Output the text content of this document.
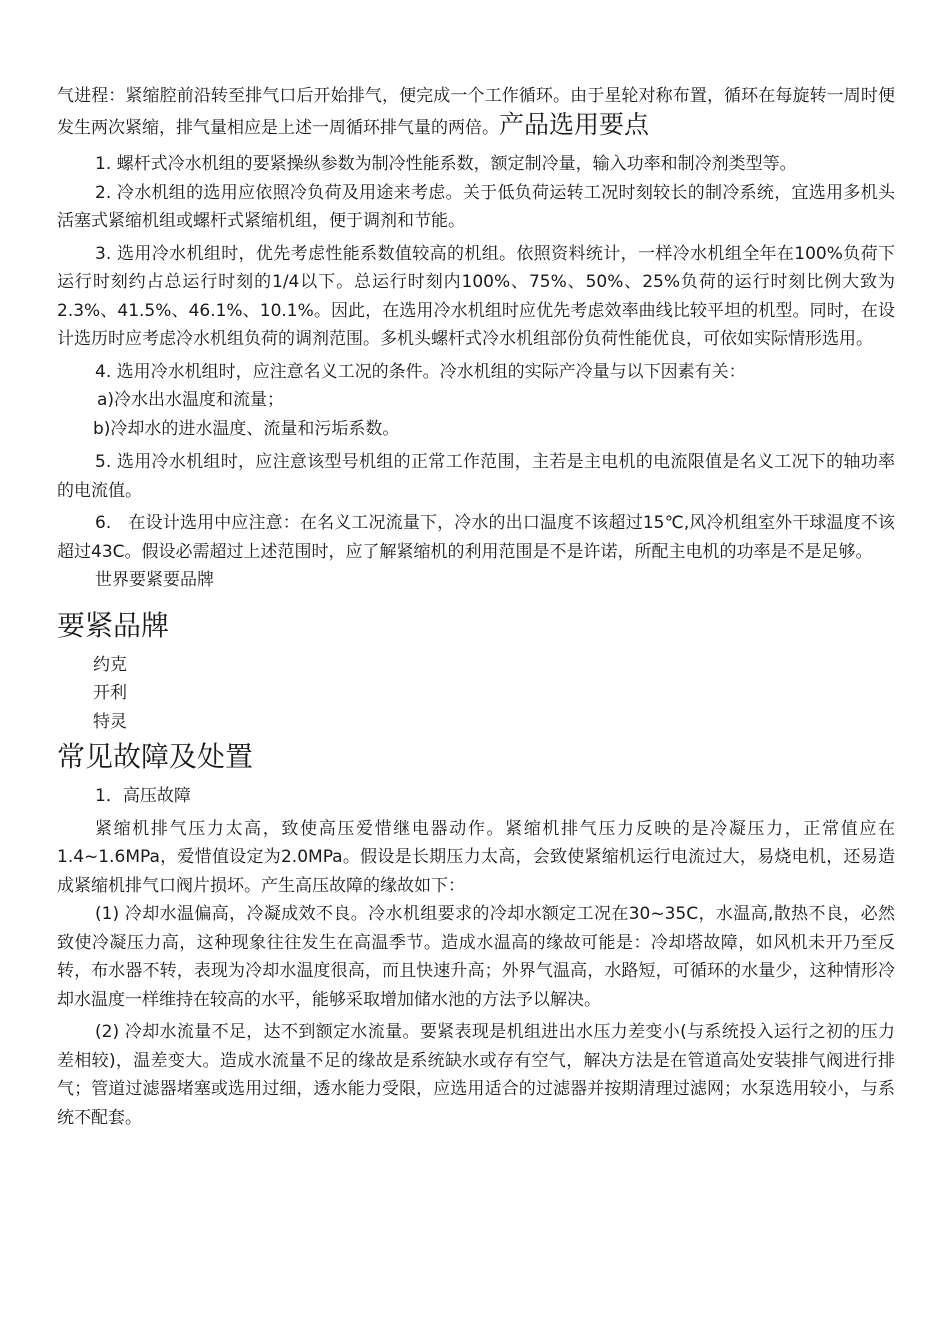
气进程：紧缩腔前沿转至排气口后开始排气，便完成一个工作循环。由于星轮对称布置，循环在每旋转一周时便发生两次紧缩，排气量相应是上述一周循环排气量的两倍。产品选用要点

1. 螺杆式冷水机组的要紧操纵参数为制冷性能系数，额定制冷量，输入功率和制冷剂类型等。

2. 冷水机组的选用应依照冷负荷及用途来考虑。关于低负荷运转工况时刻较长的制冷系统，宜选用多机头活塞式紧缩机组或螺杆式紧缩机组，便于调剂和节能。

3. 选用冷水机组时，优先考虑性能系数值较高的机组。依照资料统计，一样冷水机组全年在100%负荷下运行时刻约占总运行时刻的1/4以下。总运行时刻内100%、75%、50%、25%负荷的运行时刻比例大致为2.3%、41.5%、46.1%、10.1%。因此，在选用冷水机组时应优先考虑效率曲线比较平坦的机型。同时，在设计选历时应考虑冷水机组负荷的调剂范围。多机头螺杆式冷水机组部份负荷性能优良，可依如实际情形选用。

4. 选用冷水机组时，应注意名义工况的条件。冷水机组的实际产冷量与以下因素有关：

a)冷水出水温度和流量；

b)冷却水的进水温度、流量和污垢系数。

5. 选用冷水机组时，应注意该型号机组的正常工作范围，主若是主电机的电流限值是名义工况下的轴功率的电流值。

6.　在设计选用中应注意：在名义工况流量下，冷水的出口温度不该超过15℃,风冷机组室外干球温度不该超过43C。假设必需超过上述范围时，应了解紧缩机的利用范围是不是许诺，所配主电机的功率是不是足够。

世界要紧要品牌

要紧品牌

约克

开利

特灵

常见故障及处置

1．高压故障

紧缩机排气压力太高，致使高压爱惜继电器动作。紧缩机排气压力反映的是冷凝压力，正常值应在1.4~1.6MPa，爱惜值设定为2.0MPa。假设是长期压力太高，会致使紧缩机运行电流过大，易烧电机，还易造成紧缩机排气口阀片损坏。产生高压故障的缘故如下：

(1) 冷却水温偏高，冷凝成效不良。冷水机组要求的冷却水额定工况在30~35C，水温高,散热不良，必然致使冷凝压力高，这种现象往往发生在高温季节。造成水温高的缘故可能是：冷却塔故障，如风机未开乃至反转，布水器不转，表现为冷却水温度很高，而且快速升高；外界气温高，水路短，可循环的水量少，这种情形冷却水温度一样维持在较高的水平，能够采取增加储水池的方法予以解决。

(2) 冷却水流量不足，达不到额定水流量。要紧表现是机组进出水压力差变小(与系统投入运行之初的压力差相较)，温差变大。造成水流量不足的缘故是系统缺水或存有空气，解决方法是在管道高处安装排气阀进行排气；管道过滤器堵塞或选用过细，透水能力受限，应选用适合的过滤器并按期清理过滤网；水泵选用较小，与系统不配套。
